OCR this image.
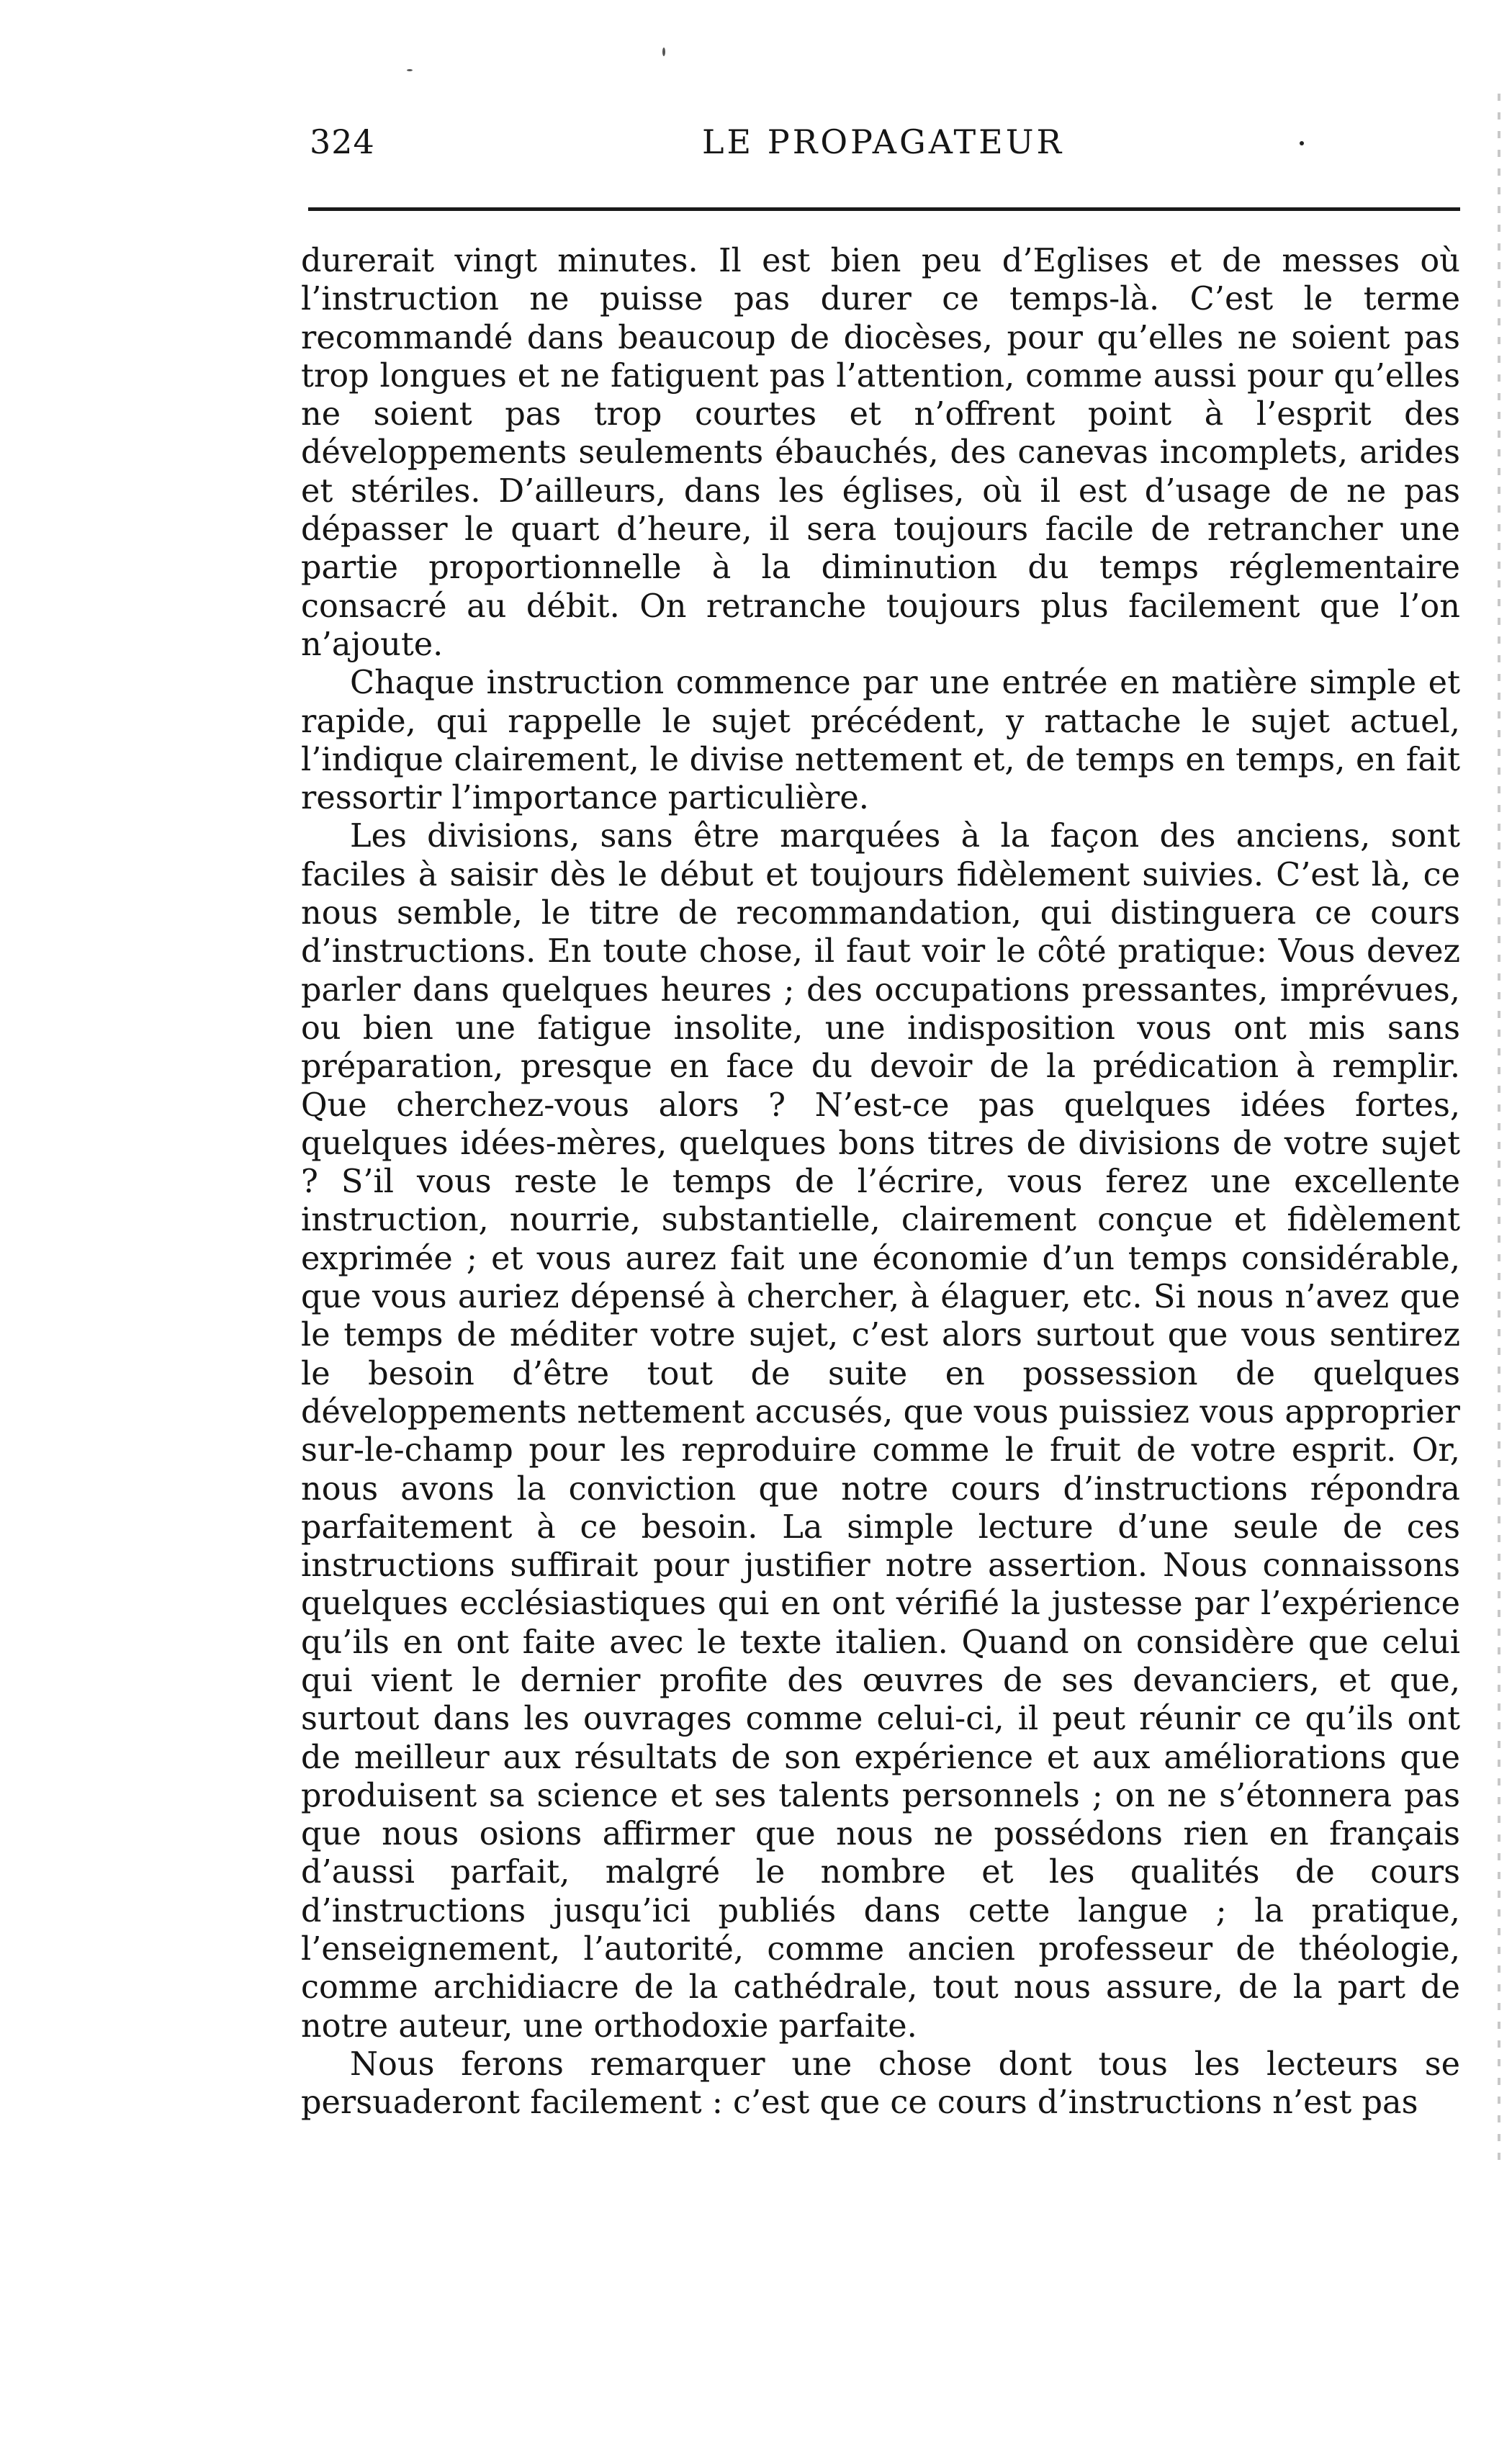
324	LE PROPAGATEUR

durerait vingt minutes. Il est bien peu d’Eglises et de messes où l’instruction ne puisse pas durer ce temps-là. C’est le terme recommandé dans beaucoup de diocèses, pour qu’elles ne soient pas trop longues et ne fatiguent pas l’attention, comme aussi pour qu’elles ne soient pas trop courtes et n’offrent point à l’esprit des développements seulements ébauchés, des canevas incomplets, arides et stériles. D’ailleurs, dans les églises, où il est d’usage de ne pas dépasser le quart d’heure, il sera toujours facile de retrancher une partie proportionnelle à la diminution du temps réglementaire consacré au débit. On retranche toujours plus facilement que l’on n’ajoute.

Chaque instruction commence par une entrée en matière simple et rapide, qui rappelle le sujet précédent, y rattache le sujet actuel, l’indique clairement, le divise nettement et, de temps en temps, en fait ressortir l’importance particulière.

Les divisions, sans être marquées à la façon des anciens, sont faciles à saisir dès le début et toujours fidèlement suivies. C’est là, ce nous semble, le titre de recommandation, qui distinguera ce cours d’instructions. En toute chose, il faut voir le côté pratique: Vous devez parler dans quelques heures ; des occupations pressantes, imprévues, ou bien une fatigue insolite, une indisposition vous ont mis sans préparation, presque en face du devoir de la prédication à remplir. Que cherchez-vous alors ? N’est-ce pas quelques idées fortes, quelques idées-mères, quelques bons titres de divisions de votre sujet ? S’il vous reste le temps de l’écrire, vous ferez une excellente instruction, nourrie, substantielle, clairement conçue et fidèlement exprimée ; et vous aurez fait une économie d’un temps considérable, que vous auriez dépensé à chercher, à élaguer, etc. Si nous n’avez que le temps de méditer votre sujet, c’est alors surtout que vous sentirez le besoin d’être tout de suite en possession de quelques développements nettement accusés, que vous puissiez vous approprier sur-le-champ pour les reproduire comme le fruit de votre esprit. Or, nous avons la conviction que notre cours d’instructions répondra parfaitement à ce besoin. La simple lecture d’une seule de ces instructions suffirait pour justifier notre assertion. Nous connaissons quelques ecclésiastiques qui en ont vérifié la justesse par l’expérience qu’ils en ont faite avec le texte italien. Quand on considère que celui qui vient le dernier profite des œuvres de ses devanciers, et que, surtout dans les ouvrages comme celui-ci, il peut réunir ce qu’ils ont de meilleur aux résultats de son expérience et aux améliorations que produisent sa science et ses talents personnels ; on ne s’étonnera pas que nous osions affirmer que nous ne possédons rien en français d’aussi parfait, malgré le nombre et les qualités de cours d’instructions jusqu’ici publiés dans cette langue ; la pratique, l’enseignement, l’autorité, comme ancien professeur de théologie, comme archidiacre de la cathédrale, tout nous assure, de la part de notre auteur, une orthodoxie parfaite.

Nous ferons remarquer une chose dont tous les lecteurs se persuaderont facilement : c’est que ce cours d’instructions n’est pas
